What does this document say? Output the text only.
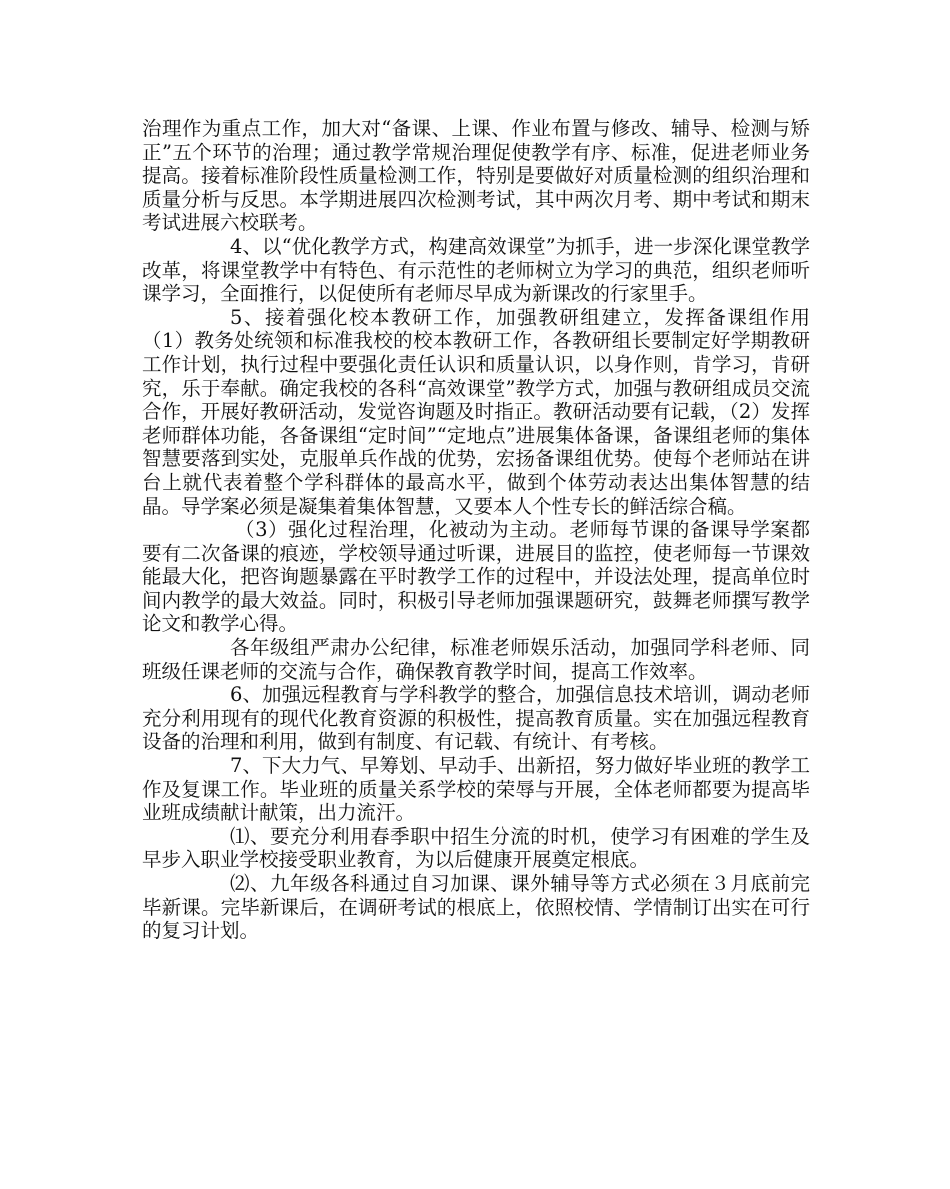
治理作为重点工作，加大对“备课、上课、作业布置与修改、辅导、检测与矫正”五个环节的治理；通过教学常规治理促使教学有序、标准，促进老师业务提高。接着标准阶段性质量检测工作，特别是要做好对质量检测的组织治理和质量分析与反思。本学期进展四次检测考试，其中两次月考、期中考试和期末考试进展六校联考。

4、以“优化教学方式，构建高效课堂”为抓手，进一步深化课堂教学改革，将课堂教学中有特色、有示范性的老师树立为学习的典范，组织老师听课学习，全面推行，以促使所有老师尽早成为新课改的行家里手。

5、接着强化校本教研工作，加强教研组建立，发挥备课组作用（1）教务处统领和标准我校的校本教研工作，各教研组长要制定好学期教研工作计划，执行过程中要强化责任认识和质量认识，以身作则，肯学习，肯研究，乐于奉献。确定我校的各科“高效课堂”教学方式，加强与教研组成员交流合作，开展好教研活动，发觉咨询题及时指正。教研活动要有记载，（2）发挥老师群体功能，各备课组“定时间”“定地点”进展集体备课，备课组老师的集体智慧要落到实处，克服单兵作战的优势，宏扬备课组优势。使每个老师站在讲台上就代表着整个学科群体的最高水平，做到个体劳动表达出集体智慧的结晶。导学案必须是凝集着集体智慧，又要本人个性专长的鲜活综合稿。

（3）强化过程治理，化被动为主动。老师每节课的备课导学案都要有二次备课的痕迹，学校领导通过听课，进展目的监控，使老师每一节课效能最大化，把咨询题暴露在平时教学工作的过程中，并设法处理，提高单位时间内教学的最大效益。同时，积极引导老师加强课题研究，鼓舞老师撰写教学论文和教学心得。

各年级组严肃办公纪律，标准老师娱乐活动，加强同学科老师、同班级任课老师的交流与合作，确保教育教学时间，提高工作效率。

6、加强远程教育与学科教学的整合，加强信息技术培训，调动老师充分利用现有的现代化教育资源的积极性，提高教育质量。实在加强远程教育设备的治理和利用，做到有制度、有记载、有统计、有考核。

7、下大力气、早筹划、早动手、出新招，努力做好毕业班的教学工作及复课工作。毕业班的质量关系学校的荣辱与开展，全体老师都要为提高毕业班成绩献计献策，出力流汗。

⑴、要充分利用春季职中招生分流的时机，使学习有困难的学生及早步入职业学校接受职业教育，为以后健康开展奠定根底。

⑵、九年级各科通过自习加课、课外辅导等方式必须在３月底前完毕新课。完毕新课后，在调研考试的根底上，依照校情、学情制订出实在可行的复习计划。
